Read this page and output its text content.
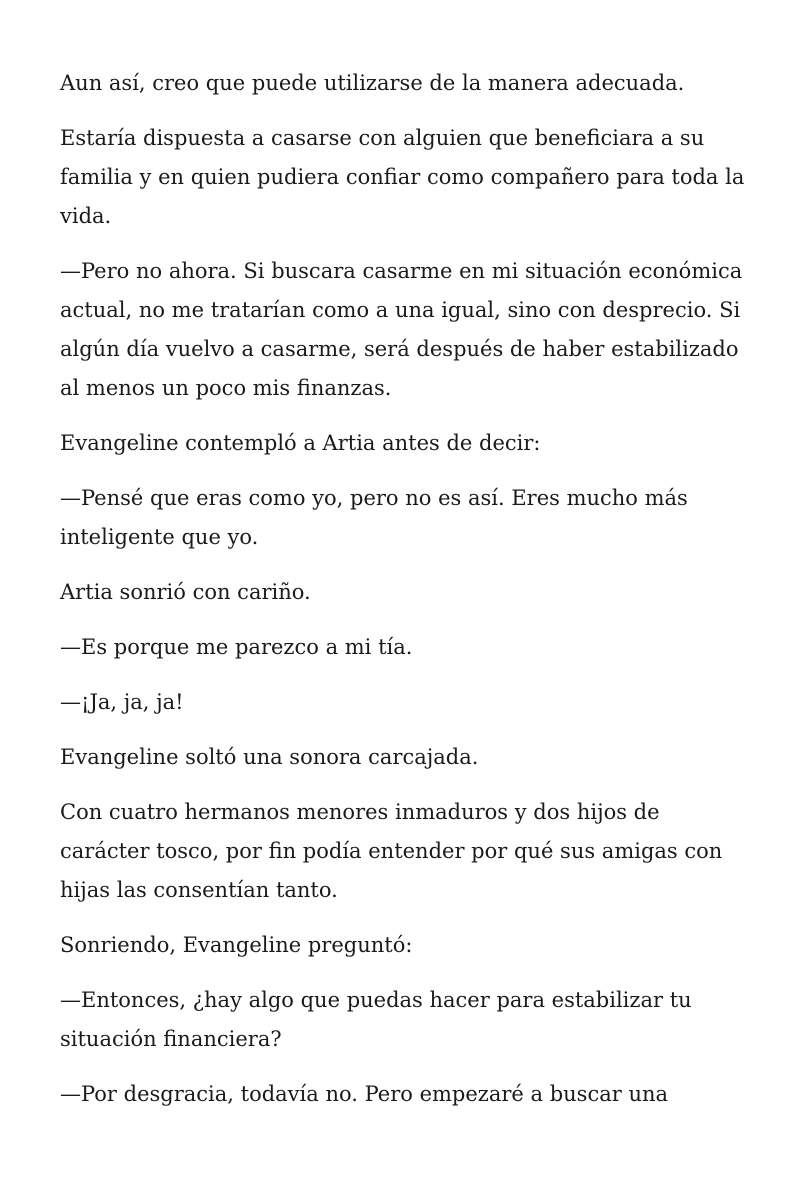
Aun así, creo que puede utilizarse de la manera adecuada.

Estaría dispuesta a casarse con alguien que beneficiara a su familia y en quien pudiera confiar como compañero para toda la vida.

—Pero no ahora. Si buscara casarme en mi situación económica actual, no me tratarían como a una igual, sino con desprecio. Si algún día vuelvo a casarme, será después de haber estabilizado al menos un poco mis finanzas.

Evangeline contempló a Artia antes de decir:

—Pensé que eras como yo, pero no es así. Eres mucho más inteligente que yo.

Artia sonrió con cariño.

—Es porque me parezco a mi tía.

—¡Ja, ja, ja!

Evangeline soltó una sonora carcajada.

Con cuatro hermanos menores inmaduros y dos hijos de carácter tosco, por fin podía entender por qué sus amigas con hijas las consentían tanto.

Sonriendo, Evangeline preguntó:

—Entonces, ¿hay algo que puedas hacer para estabilizar tu situación financiera?

—Por desgracia, todavía no. Pero empezaré a buscar una
